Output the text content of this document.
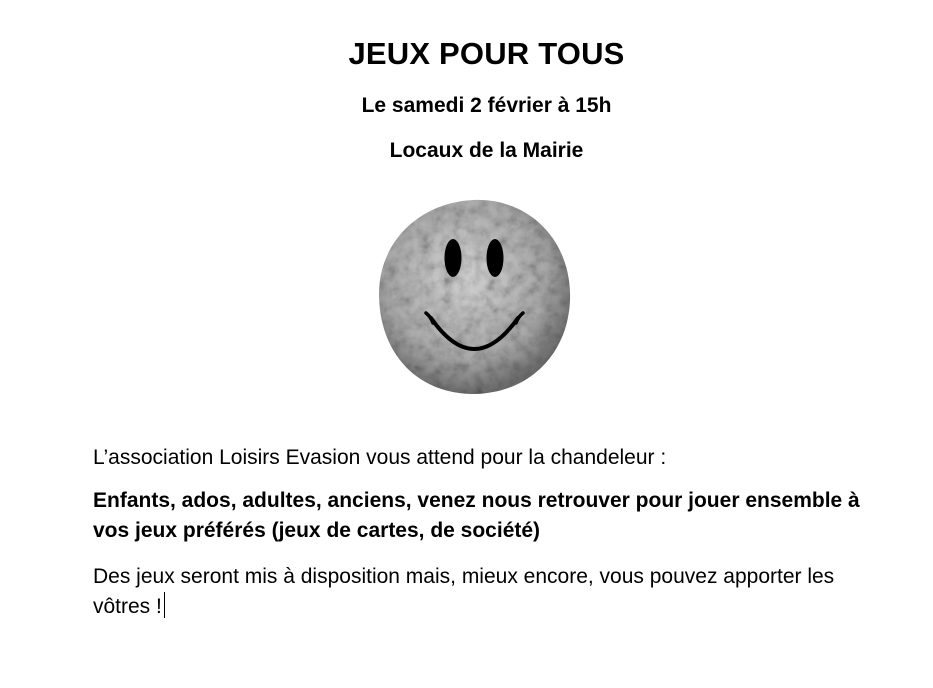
JEUX POUR TOUS
Le samedi 2 février à 15h
Locaux de la Mairie
L’association Loisirs Evasion vous attend pour la chandeleur :
Enfants, ados, adultes, anciens, venez nous retrouver pour jouer ensemble à vos jeux préférés (jeux de cartes, de société)
Des jeux seront mis à disposition mais, mieux encore, vous pouvez apporter les vôtres !
